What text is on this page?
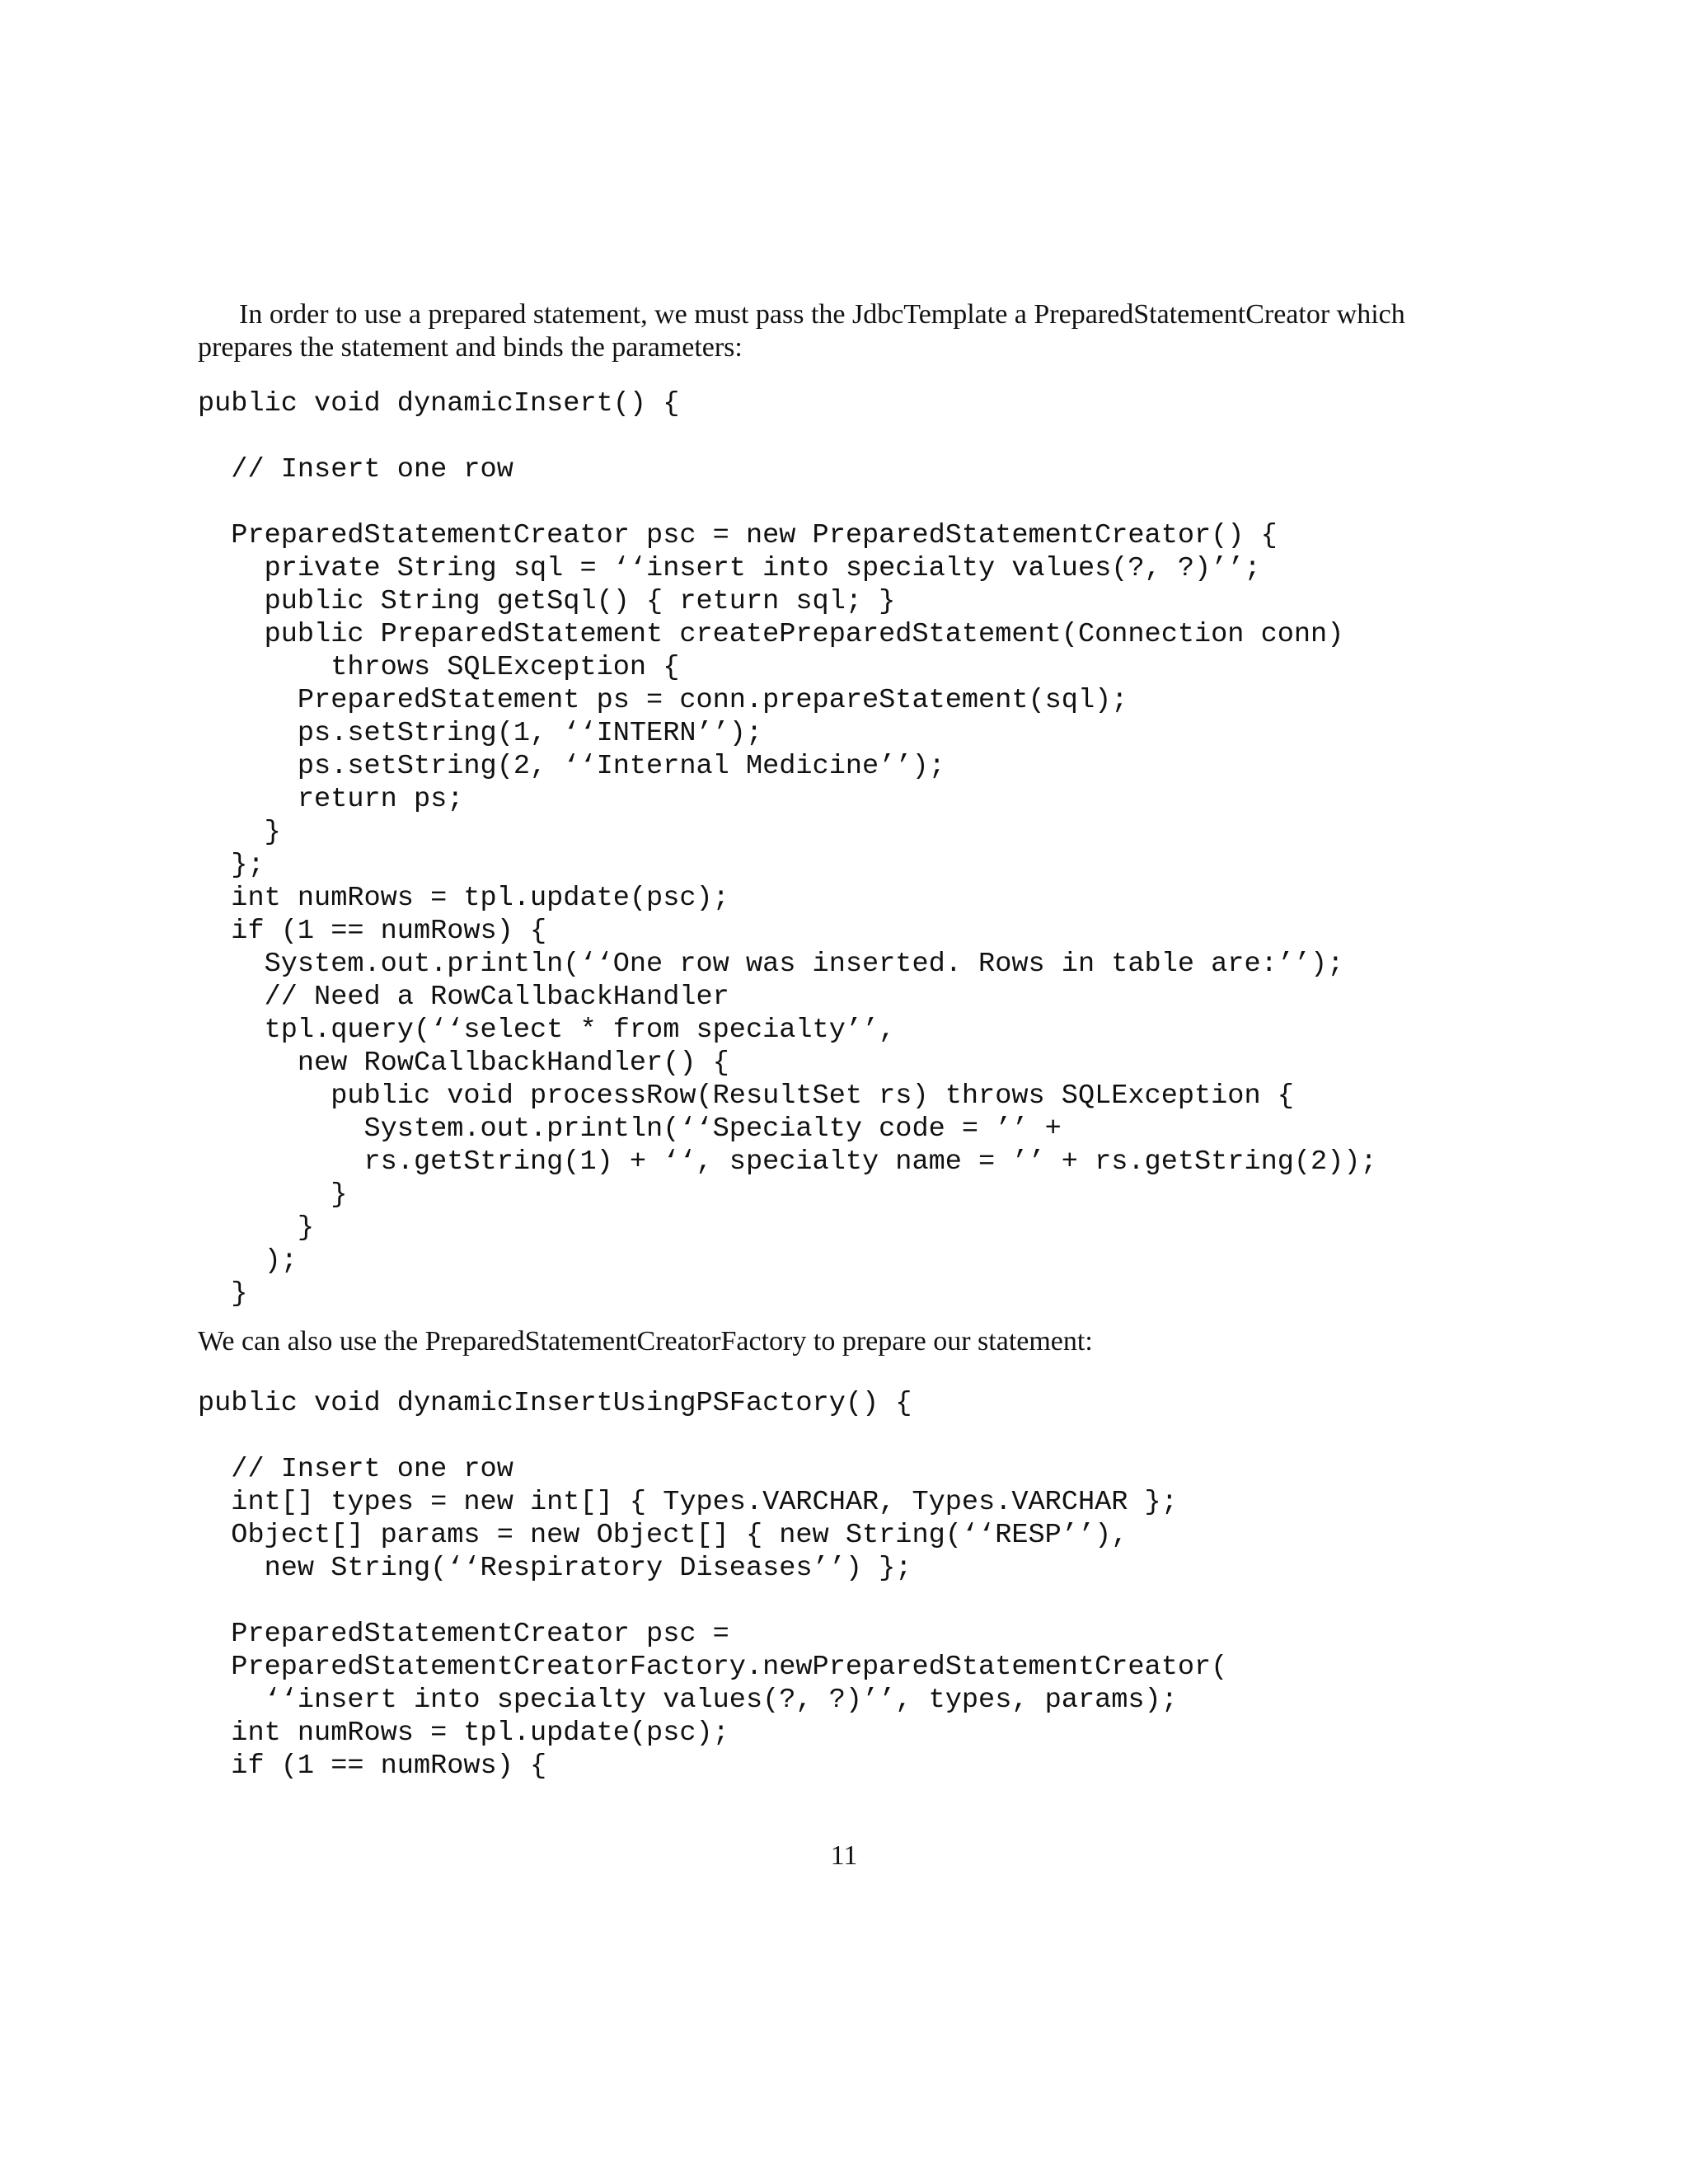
In order to use a prepared statement, we must pass the JdbcTemplate a PreparedStatementCreator which prepares the statement and binds the parameters:

public void dynamicInsert() {
// Insert one row
PreparedStatementCreator psc = new PreparedStatementCreator() {
private String sql = ‘‘insert into specialty values(?, ?)’’;
public String getSql() { return sql; }
public PreparedStatement createPreparedStatement(Connection conn)
throws SQLException {
PreparedStatement ps = conn.prepareStatement(sql);
ps.setString(1, ‘‘INTERN’’);
ps.setString(2, ‘‘Internal Medicine’’);
return ps;
}
};
int numRows = tpl.update(psc);
if (1 == numRows) {
System.out.println(‘‘One row was inserted. Rows in table are:’’);
// Need a RowCallbackHandler
tpl.query(‘‘select * from specialty’’,
new RowCallbackHandler() {
public void processRow(ResultSet rs) throws SQLException {
System.out.println(‘‘Specialty code = ’’ +
rs.getString(1) + ‘‘, specialty name = ’’ + rs.getString(2));
}
}
);
}

We can also use the PreparedStatementCreatorFactory to prepare our statement:

public void dynamicInsertUsingPSFactory() {
// Insert one row
int[] types = new int[] { Types.VARCHAR, Types.VARCHAR };
Object[] params = new Object[] { new String(‘‘RESP’’),
new String(‘‘Respiratory Diseases’’) };
PreparedStatementCreator psc =
PreparedStatementCreatorFactory.newPreparedStatementCreator(
‘‘insert into specialty values(?, ?)’’, types, params);
int numRows = tpl.update(psc);
if (1 == numRows) {
11
